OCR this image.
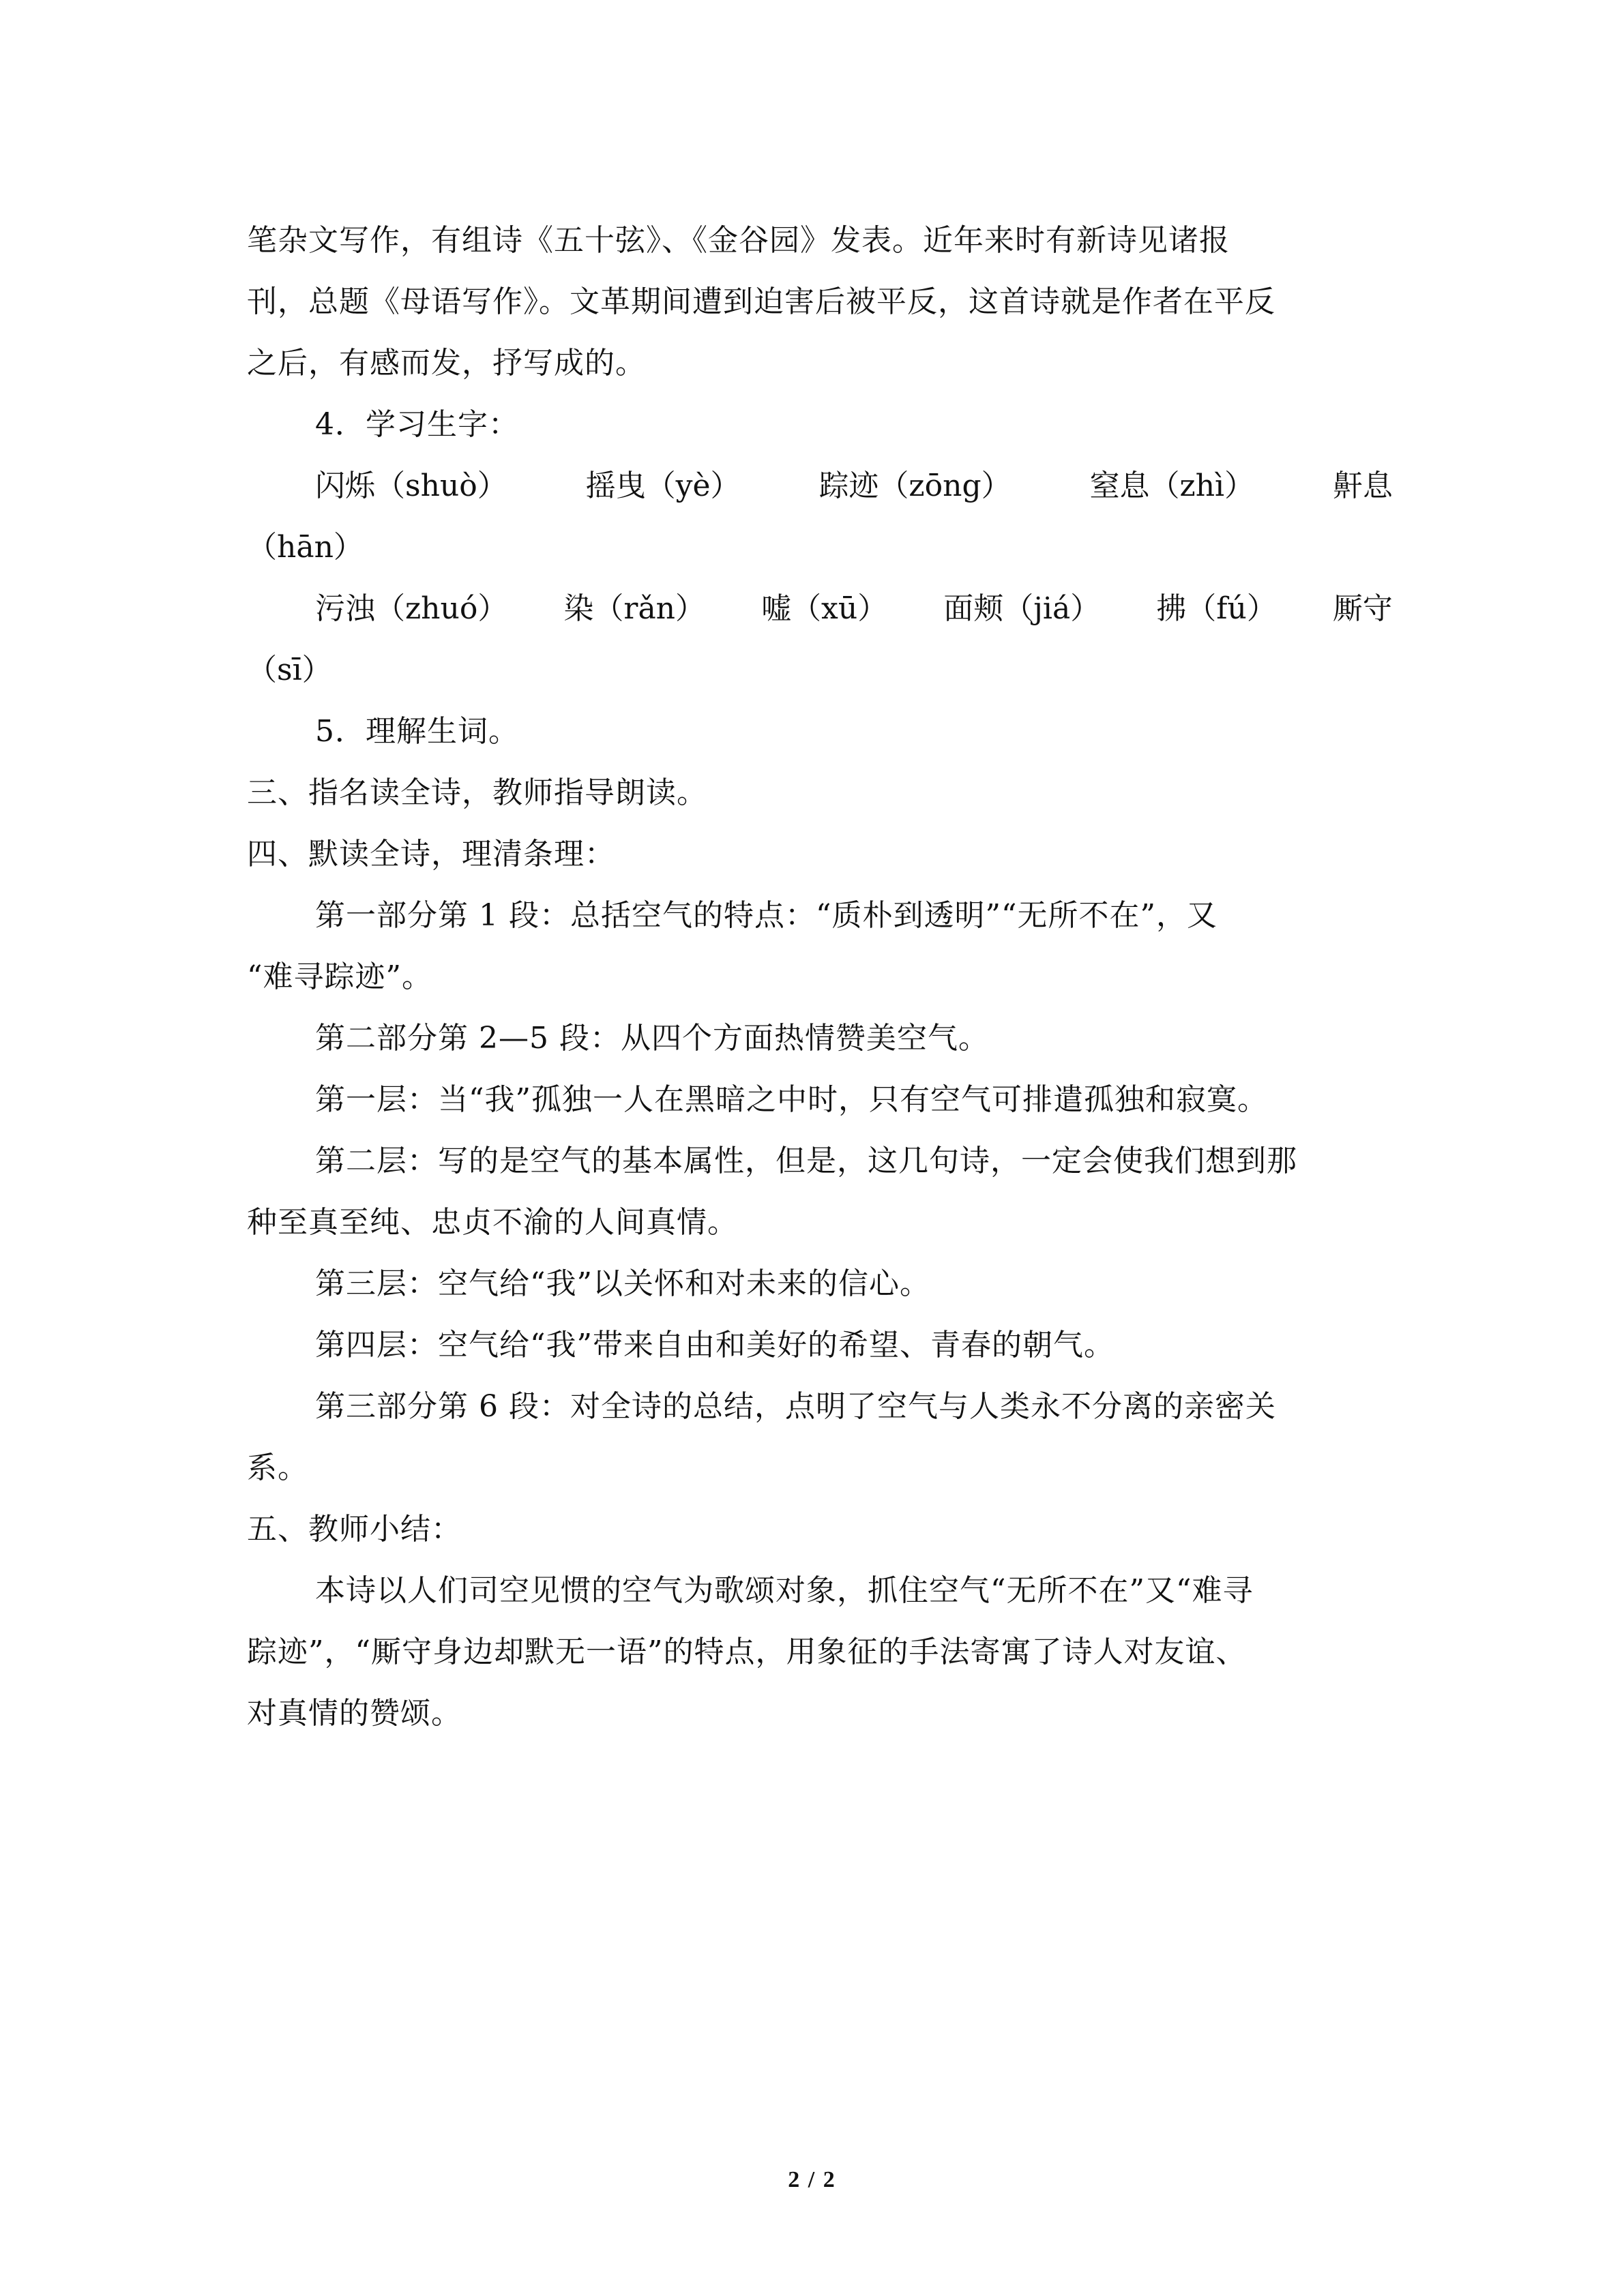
笔杂文写作，有组诗《五十弦》、《金谷园》发表。近年来时有新诗见诸报
刊，总题《母语写作》。文革期间遭到迫害后被平反，这首诗就是作者在平反
之后，有感而发，抒写成的。
4．学习生字：
闪烁（shuò）	摇曳（yè）	踪迹（zōng）	窒息（zhì）	鼾息
（hān）
污浊（zhuó） 染（rǎn） 嘘（xū） 面颊（jiá） 拂（fú） 厮守
（sī）
5．理解生词。
三、指名读全诗，教师指导朗读。
四、默读全诗，理清条理：
第一部分第 1 段：总括空气的特点：“质朴到透明”“无所不在”，又
“难寻踪迹”。
第二部分第 2—5 段：从四个方面热情赞美空气。
第一层：当“我”孤独一人在黑暗之中时，只有空气可排遣孤独和寂寞。
第二层：写的是空气的基本属性，但是，这几句诗，一定会使我们想到那
种至真至纯、忠贞不渝的人间真情。
第三层：空气给“我”以关怀和对未来的信心。
第四层：空气给“我”带来自由和美好的希望、青春的朝气。
第三部分第 6 段：对全诗的总结，点明了空气与人类永不分离的亲密关
系。
五、教师小结：
本诗以人们司空见惯的空气为歌颂对象，抓住空气“无所不在”又“难寻
踪迹”，“厮守身边却默无一语”的特点，用象征的手法寄寓了诗人对友谊、
对真情的赞颂。
2 / 2
